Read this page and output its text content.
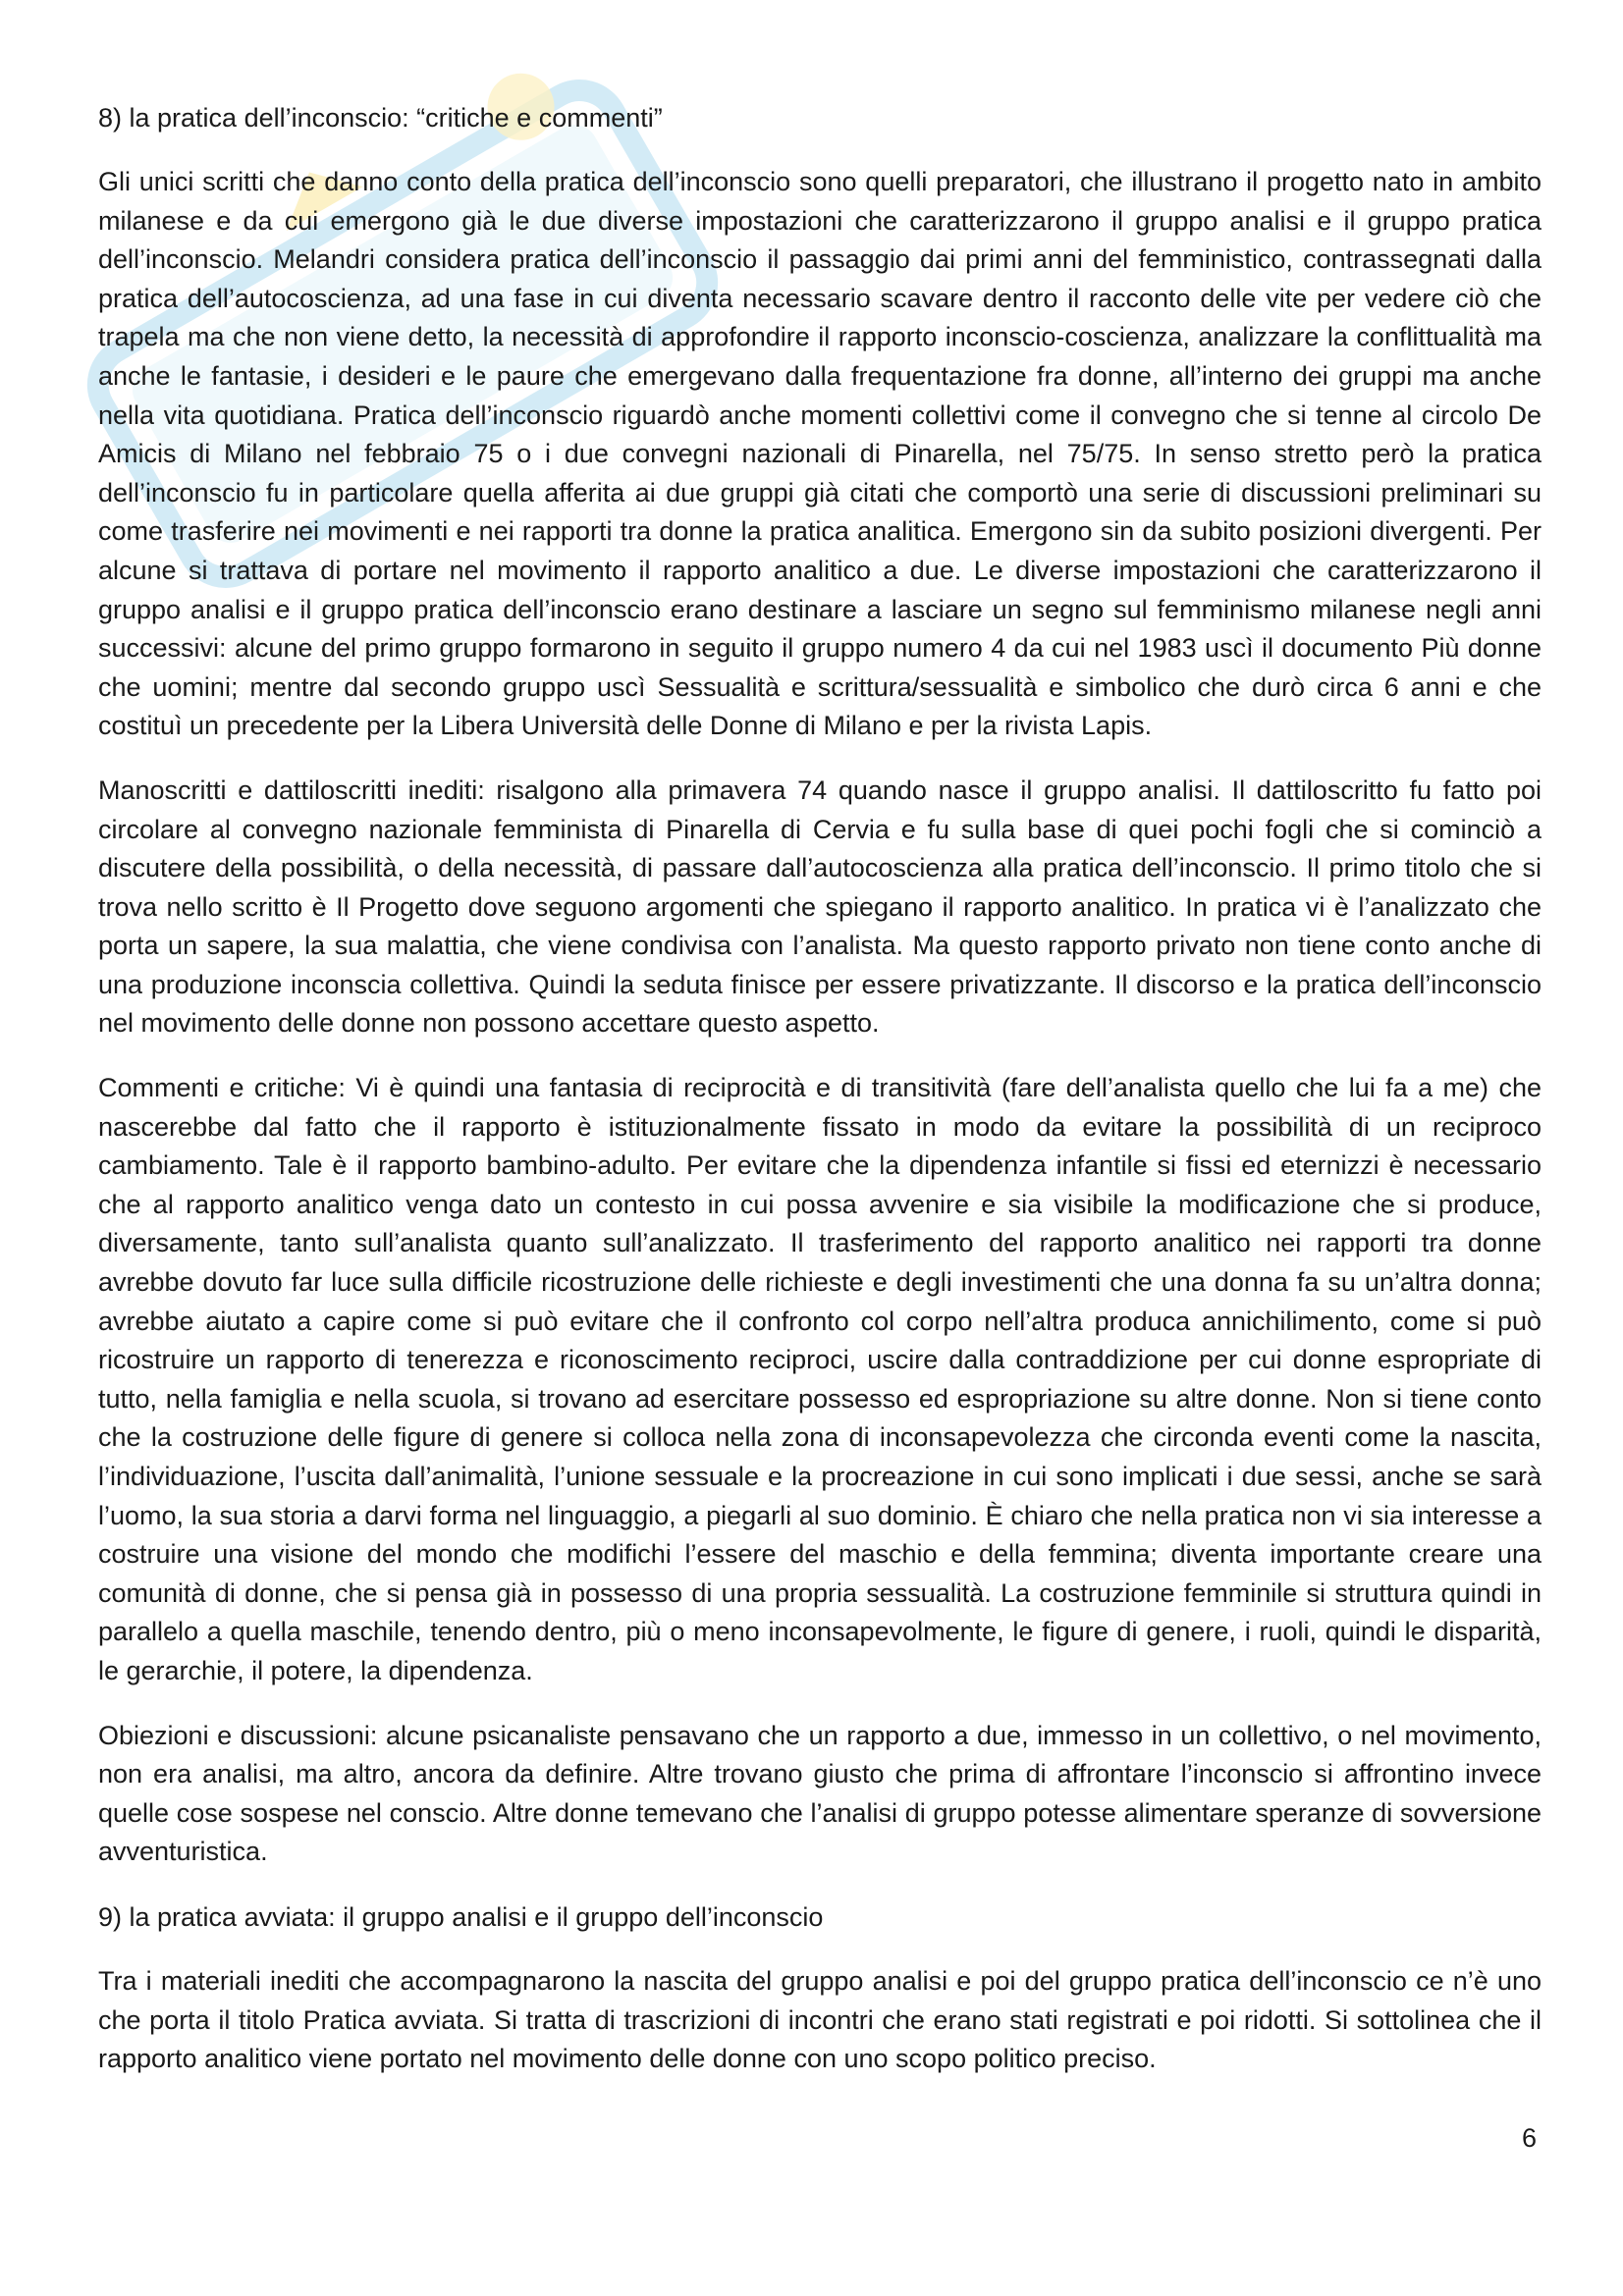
8) la pratica dell’inconscio: “critiche e commenti”

Gli unici scritti che danno conto della pratica dell’inconscio sono quelli preparatori, che illustrano il progetto nato in ambito milanese e da cui emergono già le due diverse impostazioni che caratterizzarono il gruppo analisi e il gruppo pratica dell’inconscio. Melandri considera pratica dell’inconscio il passaggio dai primi anni del femministico, contrassegnati dalla pratica dell’autocoscienza, ad una fase in cui diventa necessario scavare dentro il racconto delle vite per vedere ciò che trapela ma che non viene detto, la necessità di approfondire il rapporto inconscio-coscienza, analizzare la conflittualità ma anche le fantasie, i desideri e le paure che emergevano dalla frequentazione fra donne, all’interno dei gruppi ma anche nella vita quotidiana. Pratica dell’inconscio riguardò anche momenti collettivi come il convegno che si tenne al circolo De Amicis di Milano nel febbraio 75 o i due convegni nazionali di Pinarella, nel 75/75. In senso stretto però la pratica dell’inconscio fu in particolare quella afferita ai due gruppi già citati che comportò una serie di discussioni preliminari su come trasferire nei movimenti e nei rapporti tra donne la pratica analitica. Emergono sin da subito posizioni divergenti. Per alcune si trattava di portare nel movimento il rapporto analitico a due. Le diverse impostazioni che caratterizzarono il gruppo analisi e il gruppo pratica dell’inconscio erano destinare a lasciare un segno sul femminismo milanese negli anni successivi: alcune del primo gruppo formarono in seguito il gruppo numero 4 da cui nel 1983 uscì il documento Più donne che uomini; mentre dal secondo gruppo uscì Sessualità e scrittura/sessualità e simbolico che durò circa 6 anni e che costituì un precedente per la Libera Università delle Donne di Milano e per la rivista Lapis.

Manoscritti e dattiloscritti inediti: risalgono alla primavera 74 quando nasce il gruppo analisi. Il dattiloscritto fu fatto poi circolare al convegno nazionale femminista di Pinarella di Cervia e fu sulla base di quei pochi fogli che si cominciò a discutere della possibilità, o della necessità, di passare dall’autocoscienza alla pratica dell’inconscio. Il primo titolo che si trova nello scritto è Il Progetto dove seguono argomenti che spiegano il rapporto analitico. In pratica vi è l’analizzato che porta un sapere, la sua malattia, che viene condivisa con l’analista. Ma questo rapporto privato non tiene conto anche di una produzione inconscia collettiva. Quindi la seduta finisce per essere privatizzante. Il discorso e la pratica dell’inconscio nel movimento delle donne non possono accettare questo aspetto.

Commenti e critiche: Vi è quindi una fantasia di reciprocità e di transitività (fare dell’analista quello che lui fa a me) che nascerebbe dal fatto che il rapporto è istituzionalmente fissato in modo da evitare la possibilità di un reciproco cambiamento. Tale è il rapporto bambino-adulto. Per evitare che la dipendenza infantile si fissi ed eternizzi è necessario che al rapporto analitico venga dato un contesto in cui possa avvenire e sia visibile la modificazione che si produce, diversamente, tanto sull’analista quanto sull’analizzato. Il trasferimento del rapporto analitico nei rapporti tra donne avrebbe dovuto far luce sulla difficile ricostruzione delle richieste e degli investimenti che una donna fa su un’altra donna; avrebbe aiutato a capire come si può evitare che il confronto col corpo nell’altra produca annichilimento, come si può ricostruire un rapporto di tenerezza e riconoscimento reciproci, uscire dalla contraddizione per cui donne espropriate di tutto, nella famiglia e nella scuola, si trovano ad esercitare possesso ed espropriazione su altre donne. Non si tiene conto che la costruzione delle figure di genere si colloca nella zona di inconsapevolezza che circonda eventi come la nascita, l’individuazione, l’uscita dall’animalità, l’unione sessuale e la procreazione in cui sono implicati i due sessi, anche se sarà l’uomo, la sua storia a darvi forma nel linguaggio, a piegarli al suo dominio. È chiaro che nella pratica non vi sia interesse a costruire una visione del mondo che modifichi l’essere del maschio e della femmina; diventa importante creare una comunità di donne, che si pensa già in possesso di una propria sessualità. La costruzione femminile si struttura quindi in parallelo a quella maschile, tenendo dentro, più o meno inconsapevolmente, le figure di genere, i ruoli, quindi le disparità, le gerarchie, il potere, la dipendenza.

Obiezioni e discussioni: alcune psicanaliste pensavano che un rapporto a due, immesso in un collettivo, o nel movimento, non era analisi, ma altro, ancora da definire. Altre trovano giusto che prima di affrontare l’inconscio si affrontino invece quelle cose sospese nel conscio. Altre donne temevano che l’analisi di gruppo potesse alimentare speranze di sovversione avventuristica.

9) la pratica avviata: il gruppo analisi e il gruppo dell’inconscio

Tra i materiali inediti che accompagnarono la nascita del gruppo analisi e poi del gruppo pratica dell’inconscio ce n’è uno che porta il titolo Pratica avviata. Si tratta di trascrizioni di incontri che erano stati registrati e poi ridotti. Si sottolinea che il rapporto analitico viene portato nel movimento delle donne con uno scopo politico preciso.

6
